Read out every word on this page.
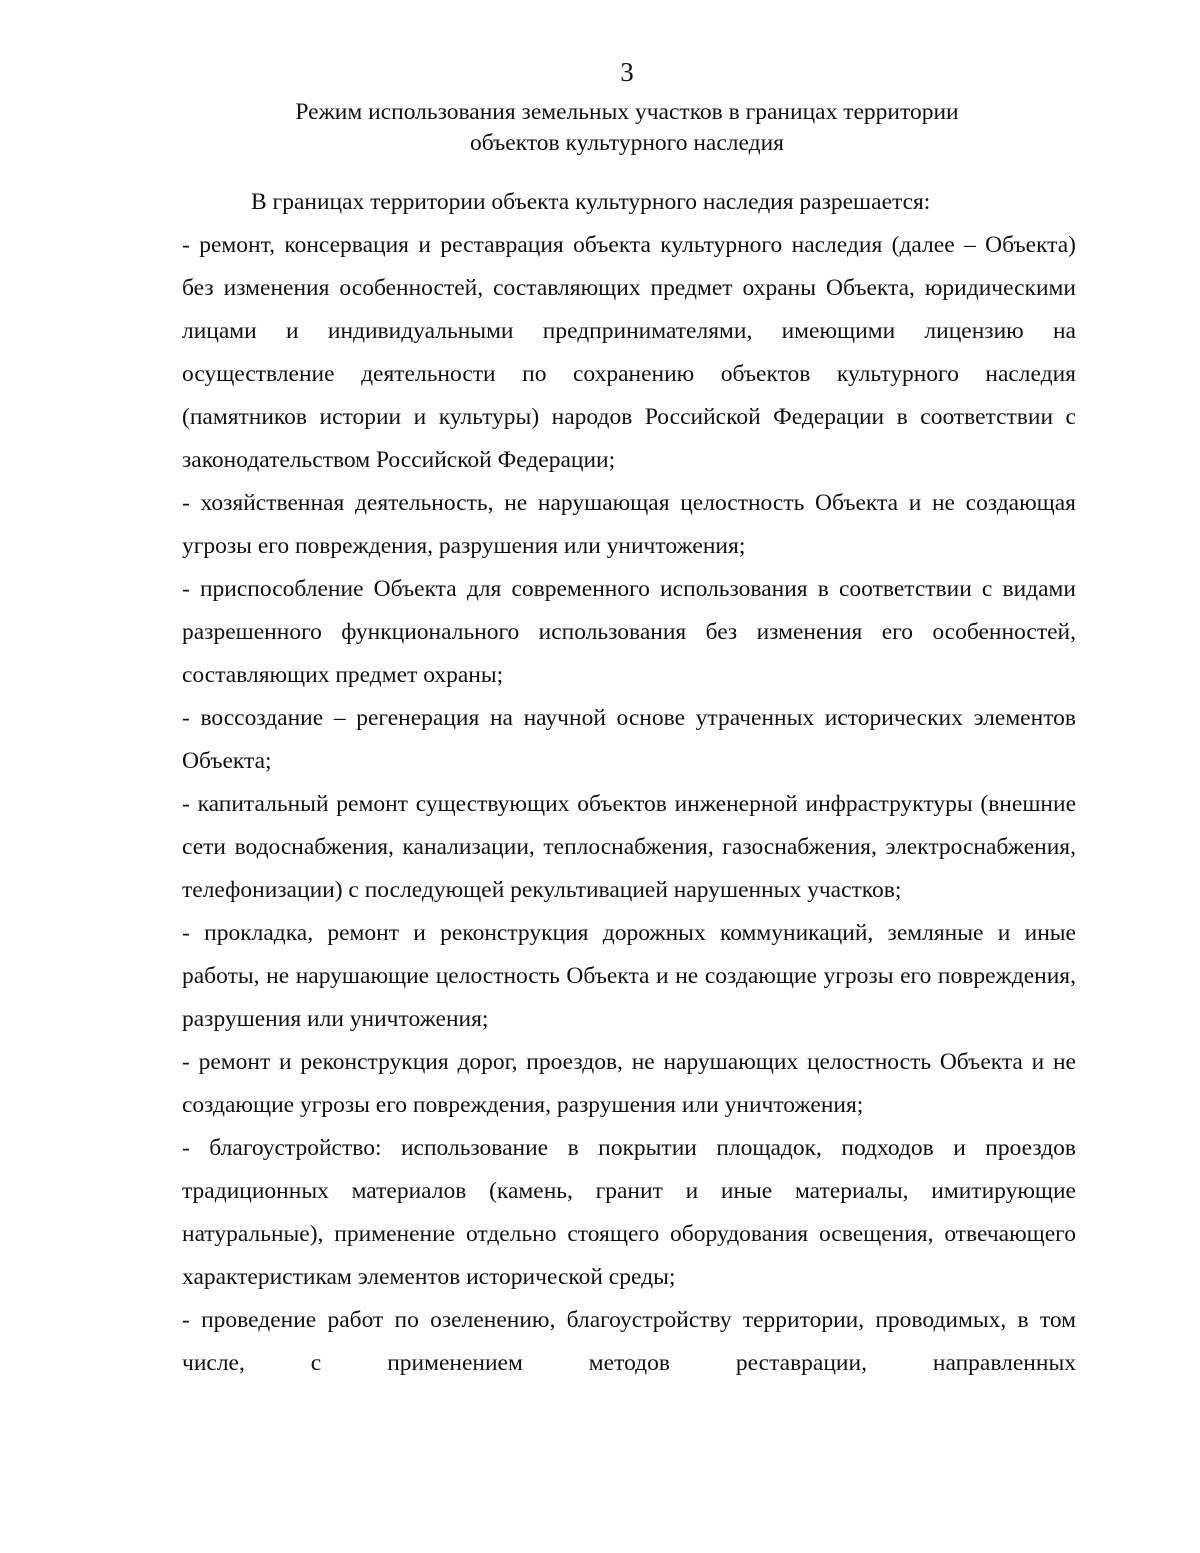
3
Режим использования земельных участков в границах территории
объектов культурного наследия

В границах территории объекта культурного наследия разрешается:

- ремонт, консервация и реставрация объекта культурного наследия (далее – Объекта) без изменения особенностей, составляющих предмет охраны Объекта, юридическими лицами и индивидуальными предпринимателями, имеющими лицензию на осуществление деятельности по сохранению объектов культурного наследия (памятников истории и культуры) народов Российской Федерации в соответствии с законодательством Российской Федерации;

- хозяйственная деятельность, не нарушающая целостность Объекта и не создающая угрозы его повреждения, разрушения или уничтожения;

- приспособление Объекта для современного использования в соответствии с видами разрешенного функционального использования без изменения его особенностей, составляющих предмет охраны;

- воссоздание – регенерация на научной основе утраченных исторических элементов Объекта;

- капитальный ремонт существующих объектов инженерной инфраструктуры (внешние сети водоснабжения, канализации, теплоснабжения, газоснабжения, электроснабжения, телефонизации) с последующей рекультивацией нарушенных участков;

- прокладка, ремонт и реконструкция дорожных коммуникаций, земляные и иные работы, не нарушающие целостность Объекта и не создающие угрозы его повреждения, разрушения или уничтожения;

- ремонт и реконструкция дорог, проездов, не нарушающих целостность Объекта и не создающие угрозы его повреждения, разрушения или уничтожения;

- благоустройство: использование в покрытии площадок, подходов и проездов традиционных материалов (камень, гранит и иные материалы, имитирующие натуральные), применение отдельно стоящего оборудования освещения, отвечающего характеристикам элементов исторической среды;

- проведение работ по озеленению, благоустройству территории, проводимых, в том числе, с применением методов реставрации, направленных
